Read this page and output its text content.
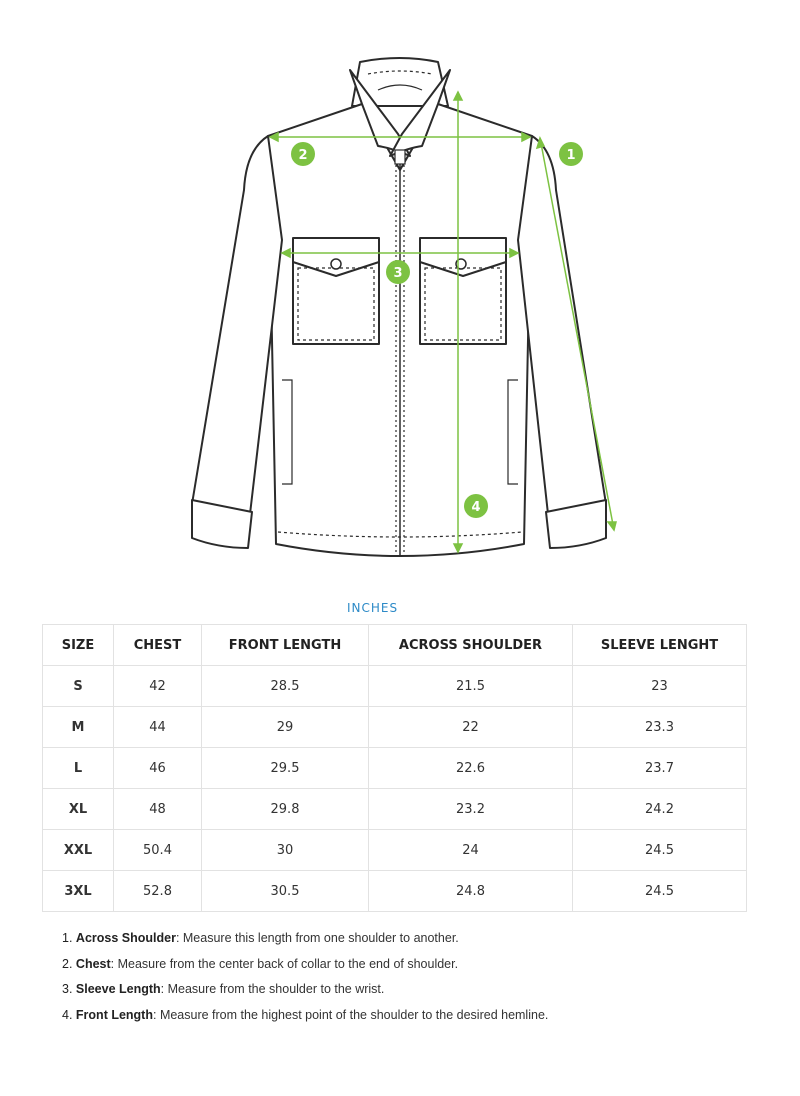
1
2
3
4
INCHES
SIZE	CHEST	FRONT LENGTH	ACROSS SHOULDER	SLEEVE LENGHT
S	42	28.5	21.5	23
M	44	29	22	23.3
L	46	29.5	22.6	23.7
XL	48	29.8	23.2	24.2
XXL	50.4	30	24	24.5
3XL	52.8	30.5	24.8	24.5
1. Across Shoulder: Measure this length from one shoulder to another.
2. Chest: Measure from the center back of collar to the end of shoulder.
3. Sleeve Length: Measure from the shoulder to the wrist.
4. Front Length: Measure from the highest point of the shoulder to the desired hemline.
